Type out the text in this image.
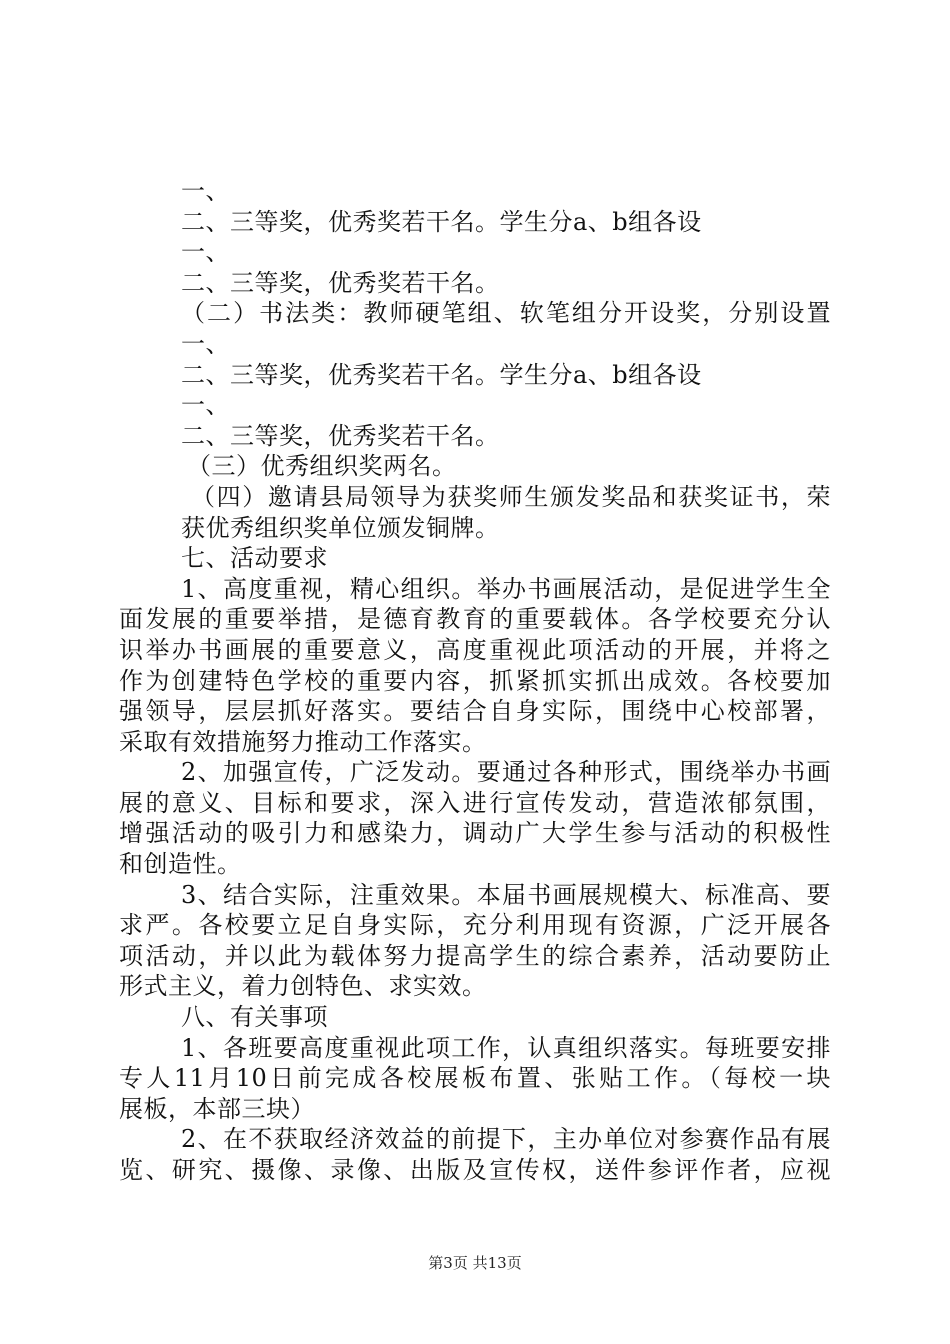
一、
二、三等奖，优秀奖若干名。学生分a、b组各设
一、
二、三等奖，优秀奖若干名。
（二）书法类：教师硬笔组、软笔组分开设奖，分别设置
一、
二、三等奖，优秀奖若干名。学生分a、b组各设
一、
二、三等奖，优秀奖若干名。
（三）优秀组织奖两名。
（四）邀请县局领导为获奖师生颁发奖品和获奖证书，荣
获优秀组织奖单位颁发铜牌。
七、活动要求
1、高度重视，精心组织。举办书画展活动，是促进学生全
面发展的重要举措，是德育教育的重要载体。各学校要充分认
识举办书画展的重要意义，高度重视此项活动的开展，并将之
作为创建特色学校的重要内容，抓紧抓实抓出成效。各校要加
强领导，层层抓好落实。要结合自身实际，围绕中心校部署，
采取有效措施努力推动工作落实。
2、加强宣传，广泛发动。要通过各种形式，围绕举办书画
展的意义、目标和要求，深入进行宣传发动，营造浓郁氛围，
增强活动的吸引力和感染力，调动广大学生参与活动的积极性
和创造性。
3、结合实际，注重效果。本届书画展规模大、标准高、要
求严。各校要立足自身实际，充分利用现有资源，广泛开展各
项活动，并以此为载体努力提高学生的综合素养，活动要防止
形式主义，着力创特色、求实效。
八、有关事项
1、各班要高度重视此项工作，认真组织落实。每班要安排
专人11月10日前完成各校展板布置、张贴工作。（每校一块
展板，本部三块）
2、在不获取经济效益的前提下，主办单位对参赛作品有展
览、研究、摄像、录像、出版及宣传权，送件参评作者，应视
第3页 共13页
